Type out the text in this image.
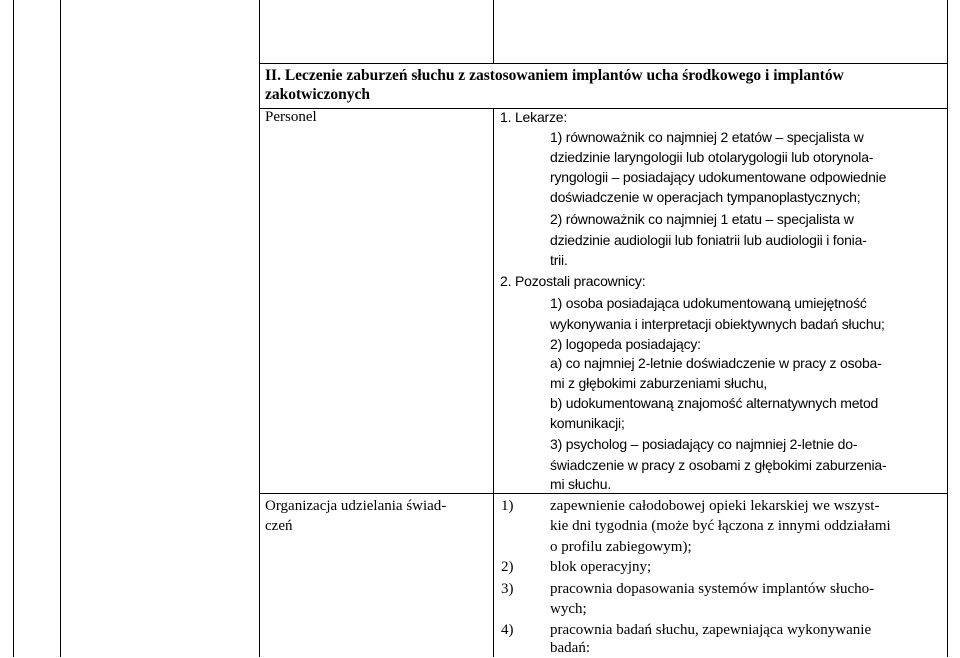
II. Leczenie zaburzeń słuchu z zastosowaniem implantów ucha środkowego i implantów
zakotwiczonych
Personel	1. Lekarze:
1) równoważnik co najmniej 2 etatów – specjalista w
dziedzinie laryngologii lub otolarygologii lub otorynola-
ryngologii – posiadający udokumentowane odpowiednie
doświadczenie w operacjach tympanoplastycznych;
2) równoważnik co najmniej 1 etatu – specjalista w
dziedzinie audiologii lub foniatrii lub audiologii i fonia-
trii.
2. Pozostali pracownicy:
1) osoba posiadająca udokumentowaną umiejętność
wykonywania i interpretacji obiektywnych badań słuchu;
2) logopeda posiadający:
a) co najmniej 2-letnie doświadczenie w pracy z osoba-
mi z głębokimi zaburzeniami słuchu,
b) udokumentowaną znajomość alternatywnych metod
komunikacji;
3) psycholog – posiadający co najmniej 2-letnie do-
świadczenie w pracy z osobami z głębokimi zaburzenia-
mi słuchu.
Organizacja udzielania świad-
czeń
1) zapewnienie całodobowej opieki lekarskiej we wszyst-
kie dni tygodnia (może być łączona z innymi oddziałami
o profilu zabiegowym);
2) blok operacyjny;
3) pracownia dopasowania systemów implantów słucho-
wych;
4) pracownia badań słuchu, zapewniająca wykonywanie
badań:
